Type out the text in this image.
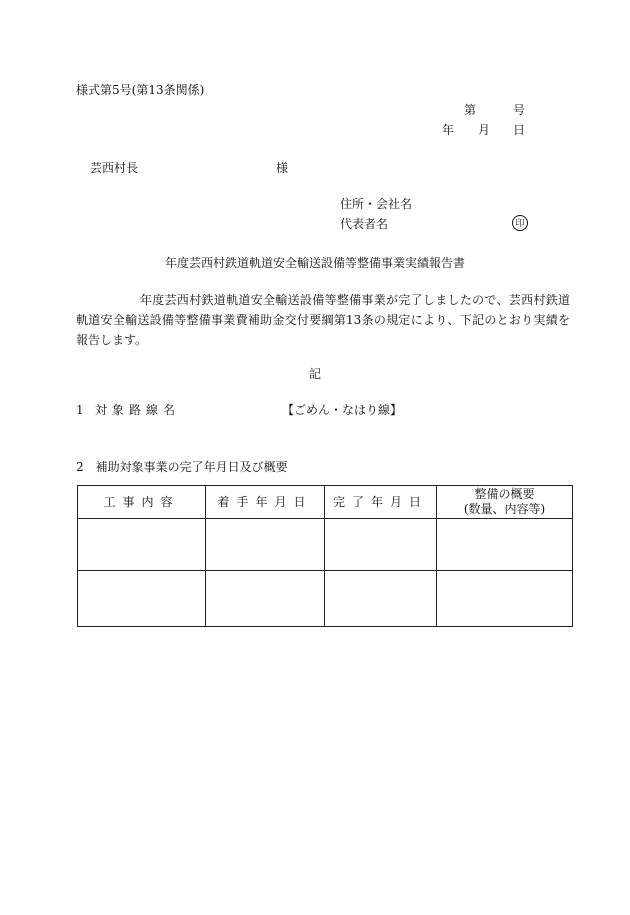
様式第5号(第13条関係)
第	号
年 月 日
芸西村長	様
住所・会社名
代表者名	印
年度芸西村鉄道軌道安全輸送設備等整備事業実績報告書
年度芸西村鉄道軌道安全輸送設備等整備事業が完了しましたので、芸西村鉄道軌道安全輸送設備等整備事業費補助金交付要綱第13条の規定により、下記のとおり実績を報告します。
記
1 対象路線名	【ごめん・なはり線】
2　補助対象事業の完了年月日及び概要
工事内容	着手年月日	完了年月日	整備の概要
(数量、内容等)
